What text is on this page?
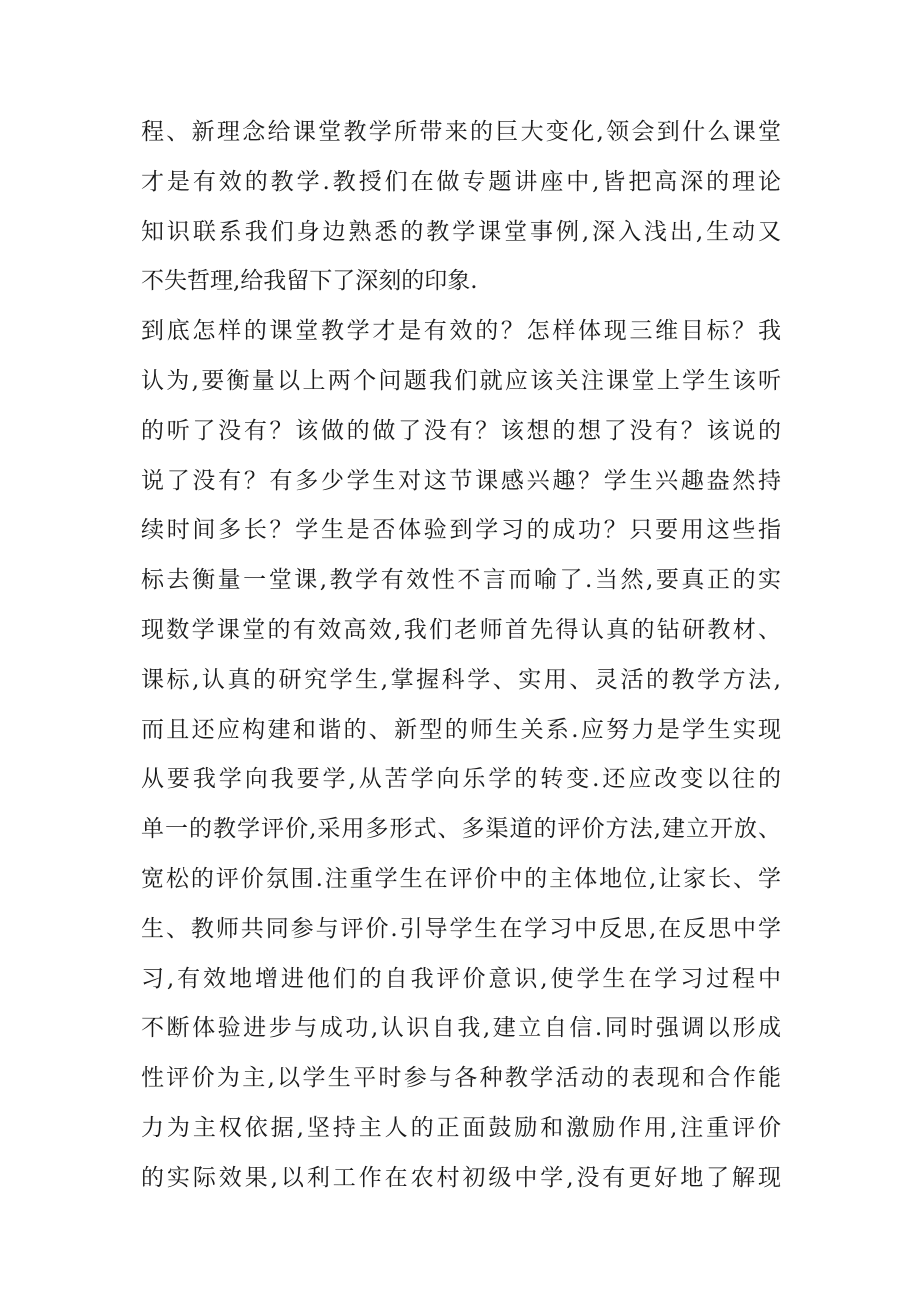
程、新理念给课堂教学所带来的巨大变化,领会到什么课堂
才是有效的教学.教授们在做专题讲座中,皆把高深的理论
知识联系我们身边熟悉的教学课堂事例,深入浅出,生动又
不失哲理,给我留下了深刻的印象.
到底怎样的课堂教学才是有效的？怎样体现三维目标？我
认为,要衡量以上两个问题我们就应该关注课堂上学生该听
的听了没有？该做的做了没有？该想的想了没有？该说的
说了没有？有多少学生对这节课感兴趣？学生兴趣盎然持
续时间多长？学生是否体验到学习的成功？只要用这些指
标去衡量一堂课,教学有效性不言而喻了.当然,要真正的实
现数学课堂的有效高效,我们老师首先得认真的钻研教材、
课标,认真的研究学生,掌握科学、实用、灵活的教学方法,
而且还应构建和谐的、新型的师生关系.应努力是学生实现
从要我学向我要学,从苦学向乐学的转变.还应改变以往的
单一的教学评价,采用多形式、多渠道的评价方法,建立开放、
宽松的评价氛围.注重学生在评价中的主体地位,让家长、学
生、教师共同参与评价.引导学生在学习中反思,在反思中学
习,有效地增进他们的自我评价意识,使学生在学习过程中
不断体验进步与成功,认识自我,建立自信.同时强调以形成
性评价为主,以学生平时参与各种教学活动的表现和合作能
力为主权依据,坚持主人的正面鼓励和激励作用,注重评价
的实际效果,以利工作在农村初级中学,没有更好地了解现
